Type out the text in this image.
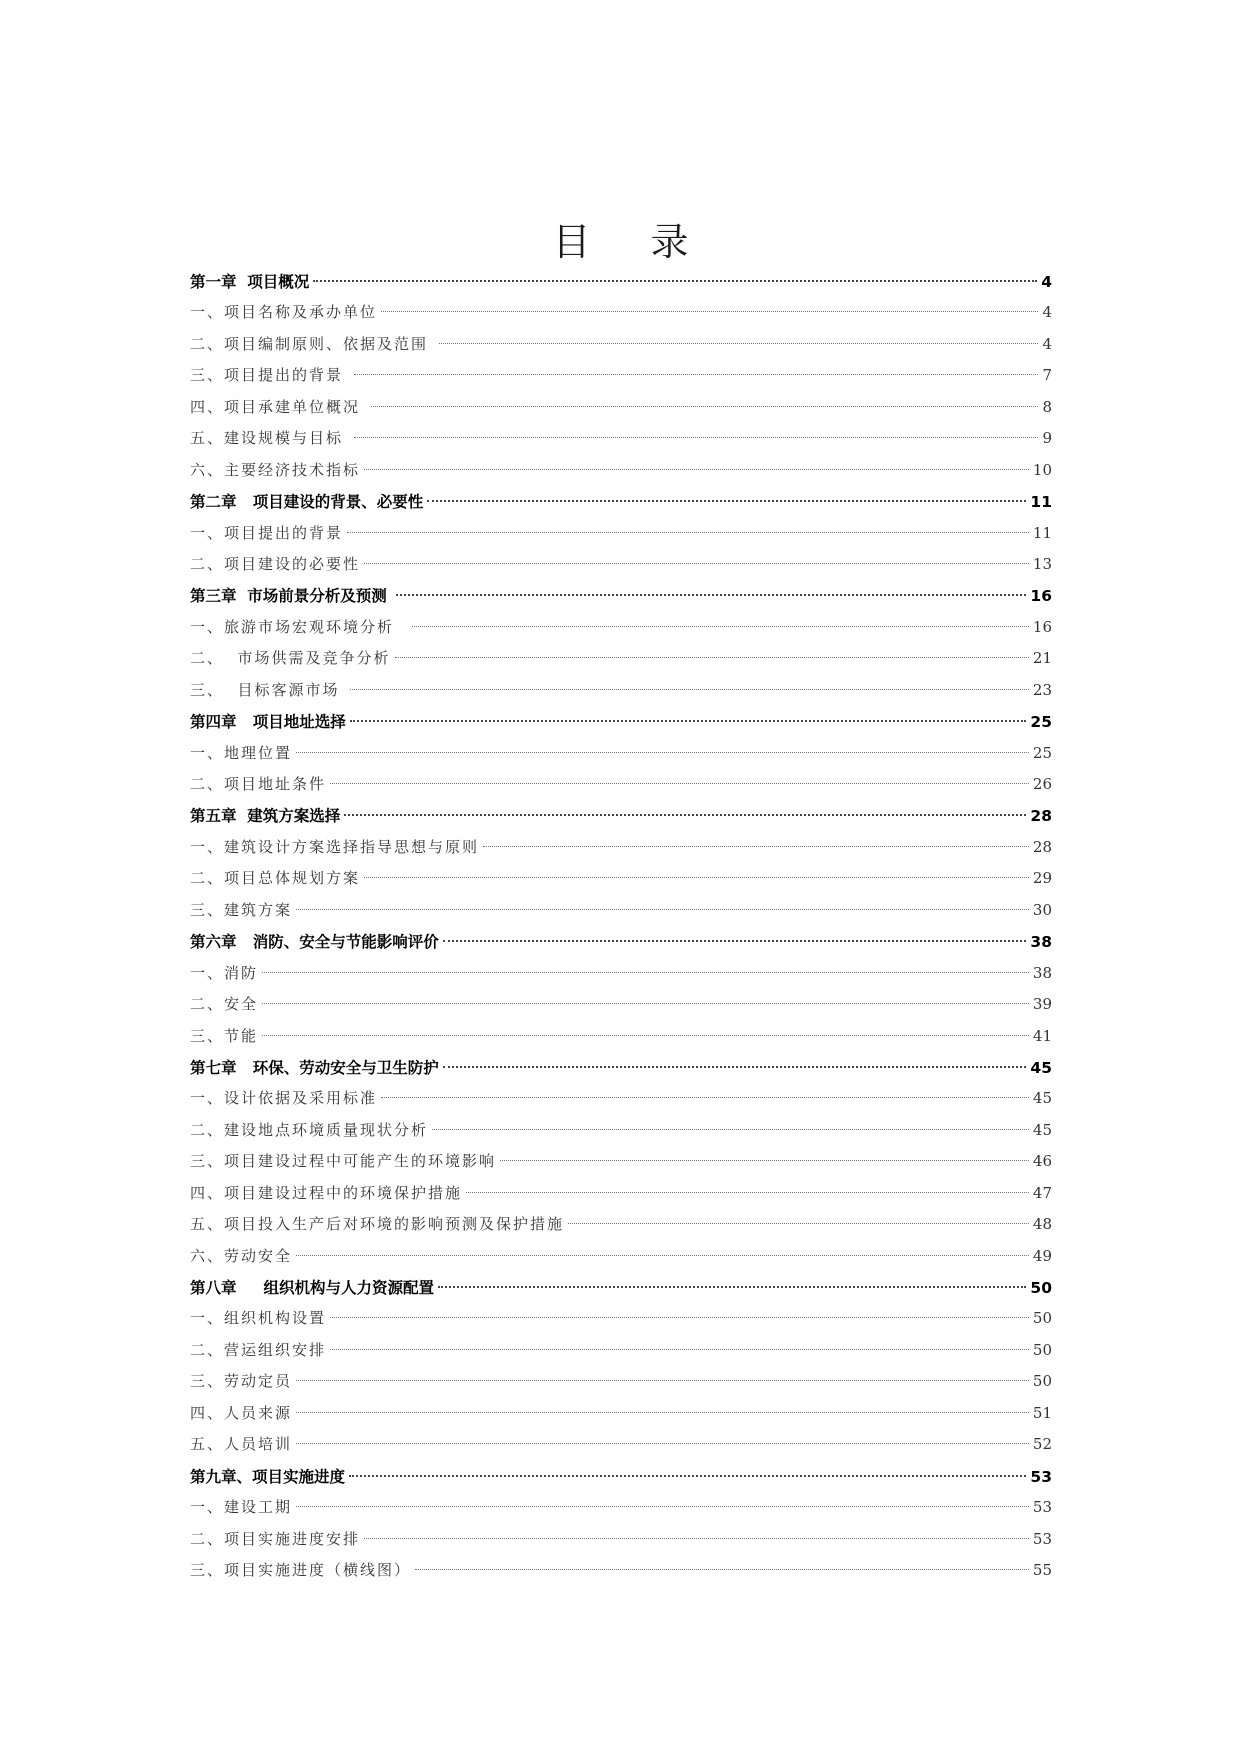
目 录
第一章  项目概况	4
一、项目名称及承办单位	4
二、项目编制原则、依据及范围	4
三、项目提出的背景	7
四、项目承建单位概况	8
五、建设规模与目标	9
六、主要经济技术指标	10
第二章   项目建设的背景、必要性	11
一、项目提出的背景	11
二、项目建设的必要性	13
第三章  市场前景分析及预测	16
一、旅游市场宏观环境分析	16
二、  市场供需及竞争分析	21
三、  目标客源市场	23
第四章   项目地址选择	25
一、地理位置	25
二、项目地址条件	26
第五章  建筑方案选择	28
一、建筑设计方案选择指导思想与原则	28
二、项目总体规划方案	29
三、建筑方案	30
第六章   消防、安全与节能影响评价	38
一、消防	38
二、安全	39
三、节能	41
第七章   环保、劳动安全与卫生防护	45
一、设计依据及采用标准	45
二、建设地点环境质量现状分析	45
三、项目建设过程中可能产生的环境影响	46
四、项目建设过程中的环境保护措施	47
五、项目投入生产后对环境的影响预测及保护措施	48
六、劳动安全	49
第八章     组织机构与人力资源配置	50
一、组织机构设置	50
二、营运组织安排	50
三、劳动定员	50
四、人员来源	51
五、人员培训	52
第九章、项目实施进度	53
一、建设工期	53
二、项目实施进度安排	53
三、项目实施进度（横线图）	55
